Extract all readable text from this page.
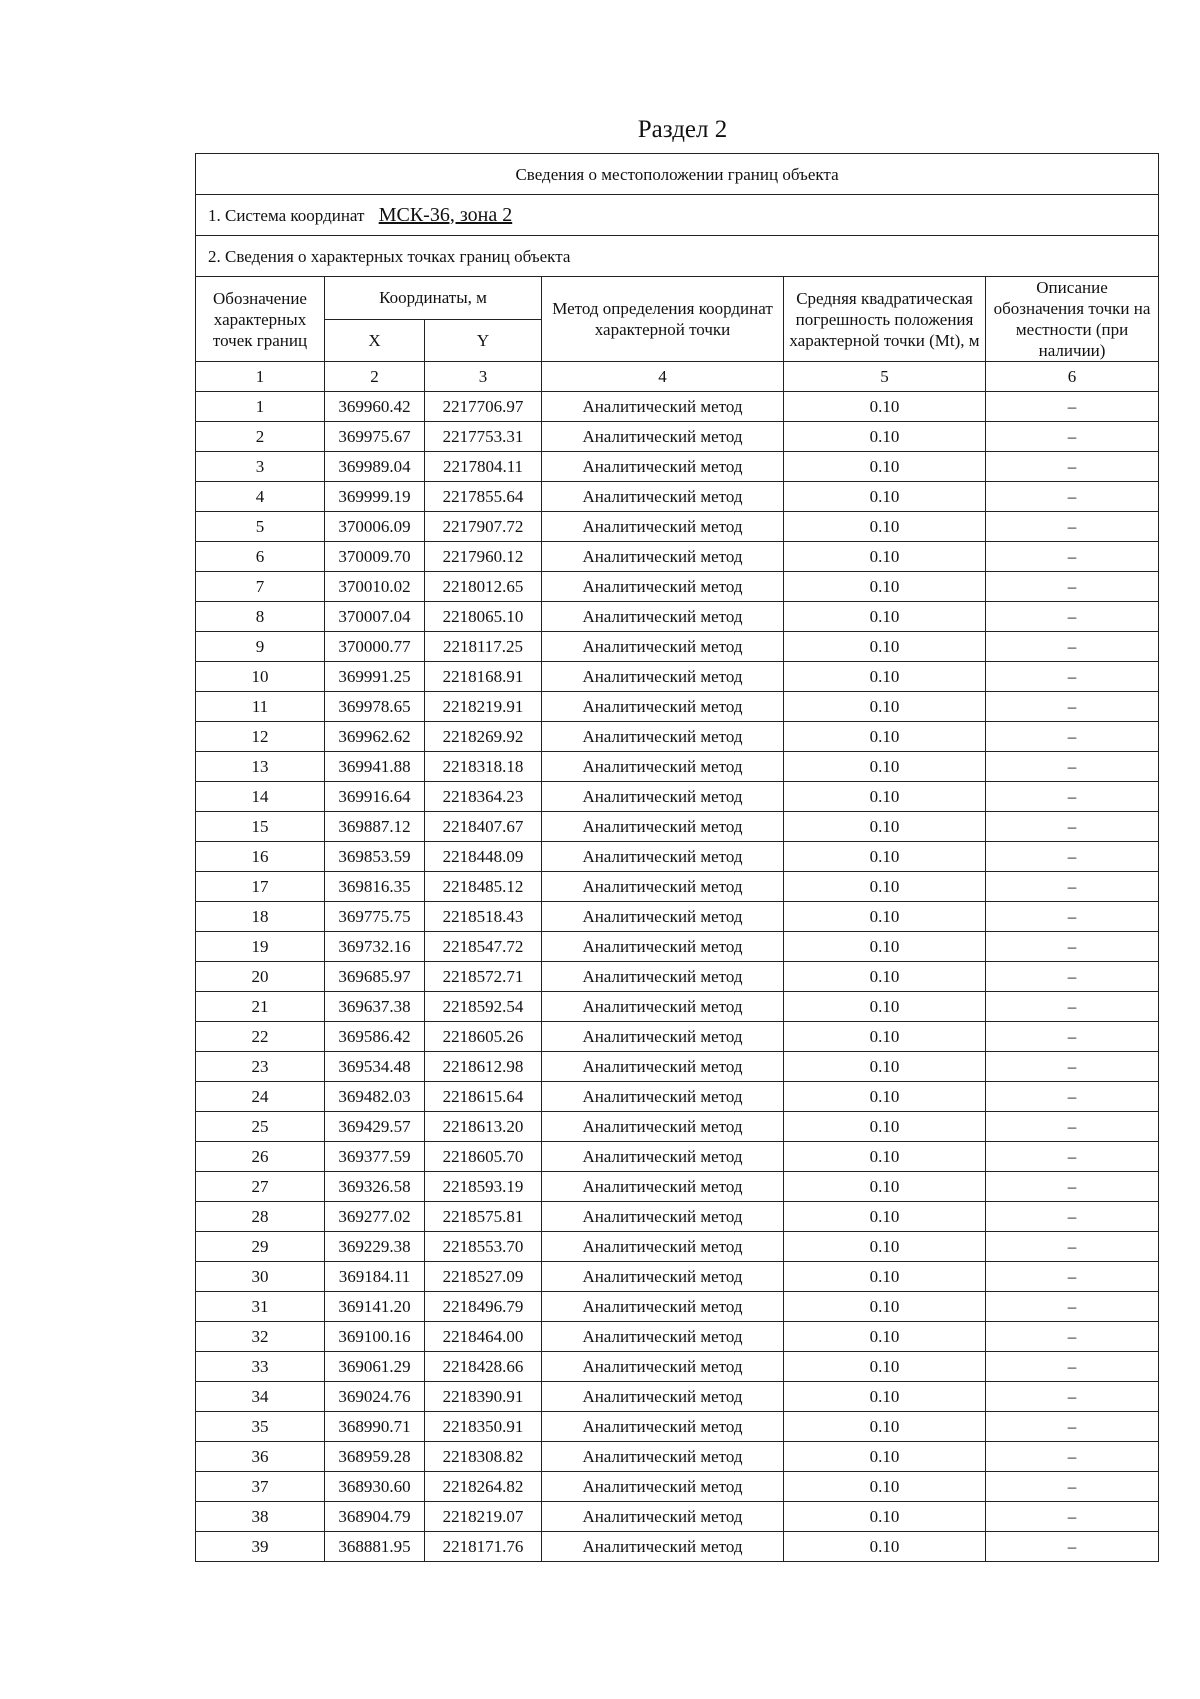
Раздел 2
Сведения о местоположении границ объекта					
1. Система координат МСК-36, зона 2					
2. Сведения о характерных точках границ объекта					
Обозначение характерных точек границ	Координаты, м		Метод определения координат характерной точки	Средняя квадратическая погрешность положения характерной точки (Mt), м	Описание обозначения точки на местности (при наличии)
	X	Y			
1	2	3	4	5	6
1	369960.42	2217706.97	Аналитический метод	0.10	–
2	369975.67	2217753.31	Аналитический метод	0.10	–
3	369989.04	2217804.11	Аналитический метод	0.10	–
4	369999.19	2217855.64	Аналитический метод	0.10	–
5	370006.09	2217907.72	Аналитический метод	0.10	–
6	370009.70	2217960.12	Аналитический метод	0.10	–
7	370010.02	2218012.65	Аналитический метод	0.10	–
8	370007.04	2218065.10	Аналитический метод	0.10	–
9	370000.77	2218117.25	Аналитический метод	0.10	–
10	369991.25	2218168.91	Аналитический метод	0.10	–
11	369978.65	2218219.91	Аналитический метод	0.10	–
12	369962.62	2218269.92	Аналитический метод	0.10	–
13	369941.88	2218318.18	Аналитический метод	0.10	–
14	369916.64	2218364.23	Аналитический метод	0.10	–
15	369887.12	2218407.67	Аналитический метод	0.10	–
16	369853.59	2218448.09	Аналитический метод	0.10	–
17	369816.35	2218485.12	Аналитический метод	0.10	–
18	369775.75	2218518.43	Аналитический метод	0.10	–
19	369732.16	2218547.72	Аналитический метод	0.10	–
20	369685.97	2218572.71	Аналитический метод	0.10	–
21	369637.38	2218592.54	Аналитический метод	0.10	–
22	369586.42	2218605.26	Аналитический метод	0.10	–
23	369534.48	2218612.98	Аналитический метод	0.10	–
24	369482.03	2218615.64	Аналитический метод	0.10	–
25	369429.57	2218613.20	Аналитический метод	0.10	–
26	369377.59	2218605.70	Аналитический метод	0.10	–
27	369326.58	2218593.19	Аналитический метод	0.10	–
28	369277.02	2218575.81	Аналитический метод	0.10	–
29	369229.38	2218553.70	Аналитический метод	0.10	–
30	369184.11	2218527.09	Аналитический метод	0.10	–
31	369141.20	2218496.79	Аналитический метод	0.10	–
32	369100.16	2218464.00	Аналитический метод	0.10	–
33	369061.29	2218428.66	Аналитический метод	0.10	–
34	369024.76	2218390.91	Аналитический метод	0.10	–
35	368990.71	2218350.91	Аналитический метод	0.10	–
36	368959.28	2218308.82	Аналитический метод	0.10	–
37	368930.60	2218264.82	Аналитический метод	0.10	–
38	368904.79	2218219.07	Аналитический метод	0.10	–
39	368881.95	2218171.76	Аналитический метод	0.10	–
